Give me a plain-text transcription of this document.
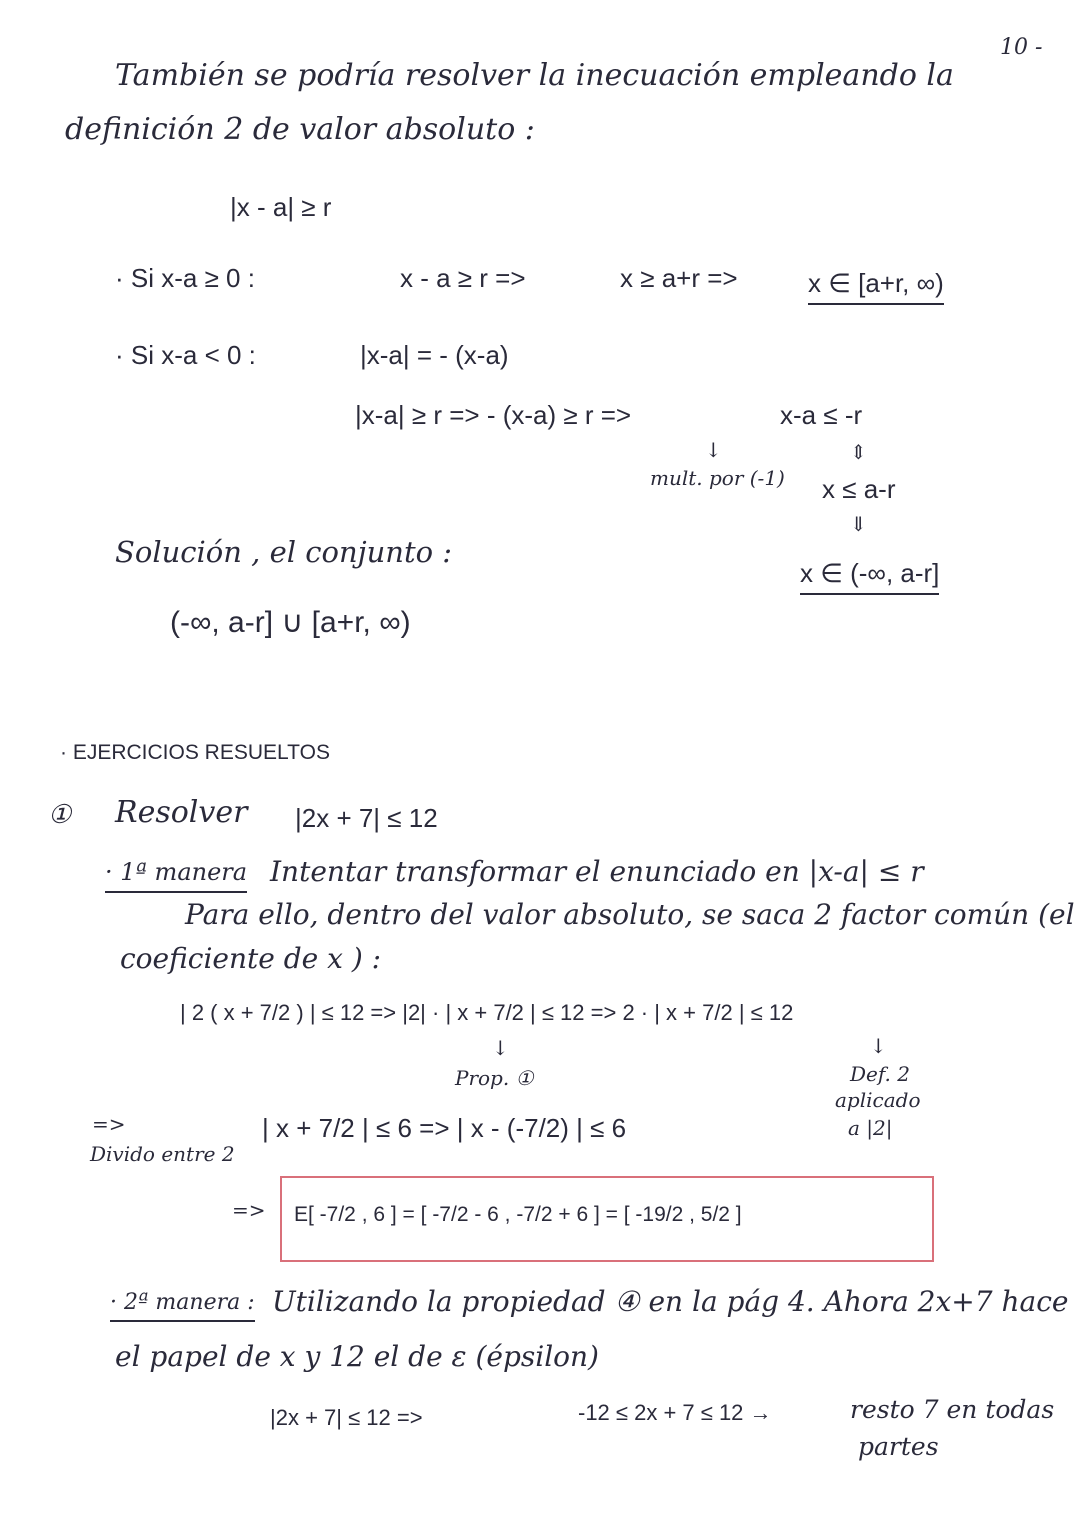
10 -
También se podría resolver la inecuación empleando la
definición 2 de valor absoluto :
|x - a| ≥ r
· Si x-a ≥ 0 :	x - a ≥ r =>	x ≥ a+r =>	x ∈ [a+r, ∞)
· Si x-a < 0 :	|x-a| = - (x-a)
|x-a| ≥ r => - (x-a) ≥ r =>	x-a ≤ -r
↓
mult. por (-1)
⇕
x ≤ a-r
⇓
x ∈ (-∞, a-r]
Solución , el conjunto :
(-∞, a-r] ∪ [a+r, ∞)
· EJERCICIOS RESUELTOS
① Resolver |2x + 7| ≤ 12
· 1ª manera Intentar transformar el enunciado en |x-a| ≤ r
Para ello, dentro del valor absoluto, se saca 2 factor común (el
coeficiente de x ) :
| 2 ( x + 7/2 ) | ≤ 12 => |2| · | x + 7/2 | ≤ 12 => 2 · | x + 7/2 | ≤ 12
↓
Prop. ①
↓
Def. 2
aplicado
a |2|
=>
Divido entre 2
| x + 7/2 | ≤ 6 => | x - (-7/2) | ≤ 6
=> E[ -7/2 , 6 ] = [ -7/2 - 6 , -7/2 + 6 ] = [ -19/2 , 5/2 ]
· 2ª manera : Utilizando la propiedad ④ en la pág 4. Ahora 2x+7 hace
el papel de x y 12 el de ε (épsilon)
|2x + 7| ≤ 12 =>	-12 ≤ 2x + 7 ≤ 12 →	resto 7 en todas
partes
